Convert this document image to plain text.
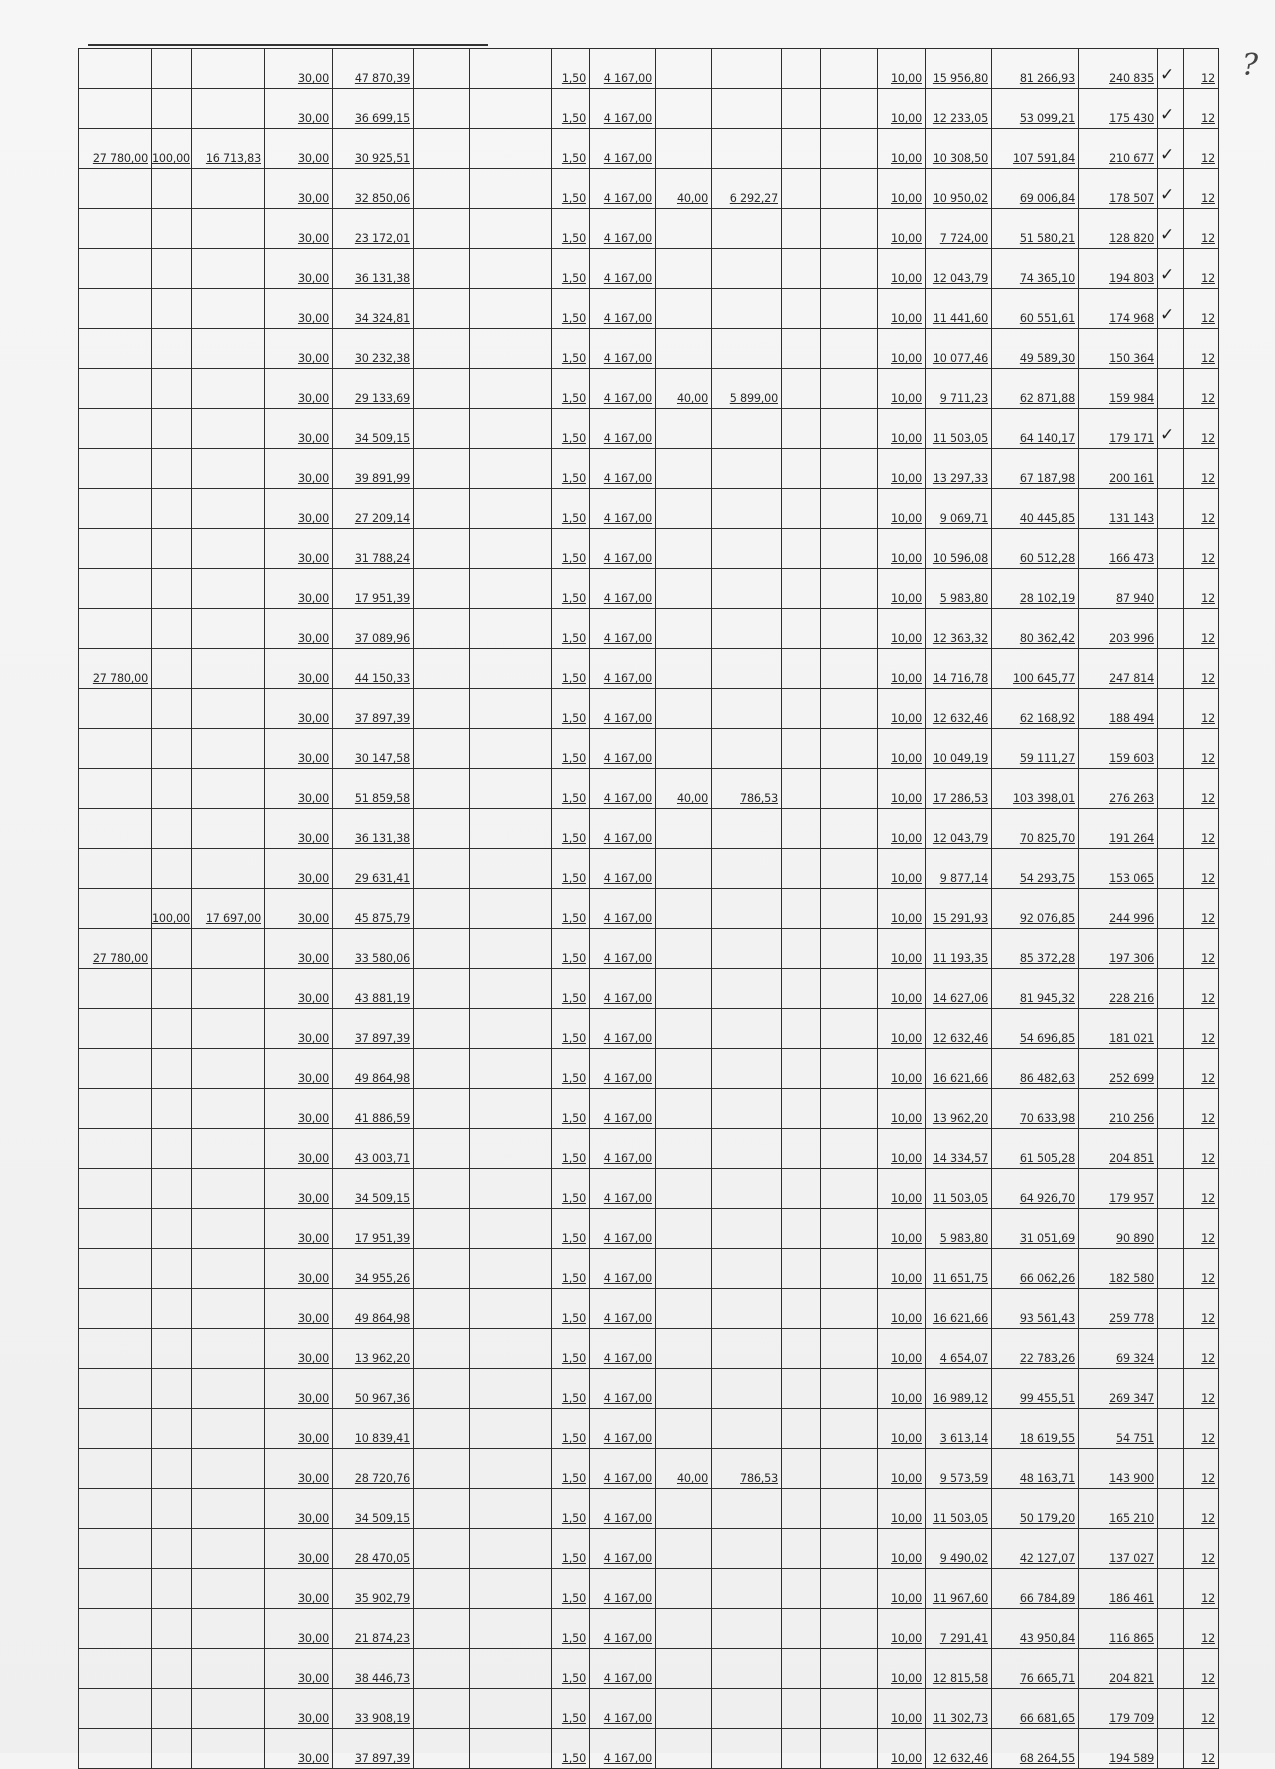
?
			30,00	47 870,39			1,50	4 167,00					10,00	15 956,80	81 266,93	240 835	✓	12
			30,00	36 699,15			1,50	4 167,00					10,00	12 233,05	53 099,21	175 430	✓	12
27 780,00	100,00	16 713,83	30,00	30 925,51			1,50	4 167,00					10,00	10 308,50	107 591,84	210 677	✓	12
			30,00	32 850,06			1,50	4 167,00	40,00	6 292,27			10,00	10 950,02	69 006,84	178 507	✓	12
			30,00	23 172,01			1,50	4 167,00					10,00	7 724,00	51 580,21	128 820	✓	12
			30,00	36 131,38			1,50	4 167,00					10,00	12 043,79	74 365,10	194 803	✓	12
			30,00	34 324,81			1,50	4 167,00					10,00	11 441,60	60 551,61	174 968	✓	12
			30,00	30 232,38			1,50	4 167,00					10,00	10 077,46	49 589,30	150 364		12
			30,00	29 133,69			1,50	4 167,00	40,00	5 899,00			10,00	9 711,23	62 871,88	159 984		12
			30,00	34 509,15			1,50	4 167,00					10,00	11 503,05	64 140,17	179 171	✓	12
			30,00	39 891,99			1,50	4 167,00					10,00	13 297,33	67 187,98	200 161		12
			30,00	27 209,14			1,50	4 167,00					10,00	9 069,71	40 445,85	131 143		12
			30,00	31 788,24			1,50	4 167,00					10,00	10 596,08	60 512,28	166 473		12
			30,00	17 951,39			1,50	4 167,00					10,00	5 983,80	28 102,19	87 940		12
			30,00	37 089,96			1,50	4 167,00					10,00	12 363,32	80 362,42	203 996		12
27 780,00			30,00	44 150,33			1,50	4 167,00					10,00	14 716,78	100 645,77	247 814		12
			30,00	37 897,39			1,50	4 167,00					10,00	12 632,46	62 168,92	188 494		12
			30,00	30 147,58			1,50	4 167,00					10,00	10 049,19	59 111,27	159 603		12
			30,00	51 859,58			1,50	4 167,00	40,00	786,53			10,00	17 286,53	103 398,01	276 263		12
			30,00	36 131,38			1,50	4 167,00					10,00	12 043,79	70 825,70	191 264		12
			30,00	29 631,41			1,50	4 167,00					10,00	9 877,14	54 293,75	153 065		12
	100,00	17 697,00	30,00	45 875,79			1,50	4 167,00					10,00	15 291,93	92 076,85	244 996		12
27 780,00			30,00	33 580,06			1,50	4 167,00					10,00	11 193,35	85 372,28	197 306		12
			30,00	43 881,19			1,50	4 167,00					10,00	14 627,06	81 945,32	228 216		12
			30,00	37 897,39			1,50	4 167,00					10,00	12 632,46	54 696,85	181 021		12
			30,00	49 864,98			1,50	4 167,00					10,00	16 621,66	86 482,63	252 699		12
			30,00	41 886,59			1,50	4 167,00					10,00	13 962,20	70 633,98	210 256		12
			30,00	43 003,71			1,50	4 167,00					10,00	14 334,57	61 505,28	204 851		12
			30,00	34 509,15			1,50	4 167,00					10,00	11 503,05	64 926,70	179 957		12
			30,00	17 951,39			1,50	4 167,00					10,00	5 983,80	31 051,69	90 890		12
			30,00	34 955,26			1,50	4 167,00					10,00	11 651,75	66 062,26	182 580		12
			30,00	49 864,98			1,50	4 167,00					10,00	16 621,66	93 561,43	259 778		12
			30,00	13 962,20			1,50	4 167,00					10,00	4 654,07	22 783,26	69 324		12
			30,00	50 967,36			1,50	4 167,00					10,00	16 989,12	99 455,51	269 347		12
			30,00	10 839,41			1,50	4 167,00					10,00	3 613,14	18 619,55	54 751		12
			30,00	28 720,76			1,50	4 167,00	40,00	786,53			10,00	9 573,59	48 163,71	143 900		12
			30,00	34 509,15			1,50	4 167,00					10,00	11 503,05	50 179,20	165 210		12
			30,00	28 470,05			1,50	4 167,00					10,00	9 490,02	42 127,07	137 027		12
			30,00	35 902,79			1,50	4 167,00					10,00	11 967,60	66 784,89	186 461		12
			30,00	21 874,23			1,50	4 167,00					10,00	7 291,41	43 950,84	116 865		12
			30,00	38 446,73			1,50	4 167,00					10,00	12 815,58	76 665,71	204 821		12
			30,00	33 908,19			1,50	4 167,00					10,00	11 302,73	66 681,65	179 709		12
			30,00	37 897,39			1,50	4 167,00					10,00	12 632,46	68 264,55	194 589		12
